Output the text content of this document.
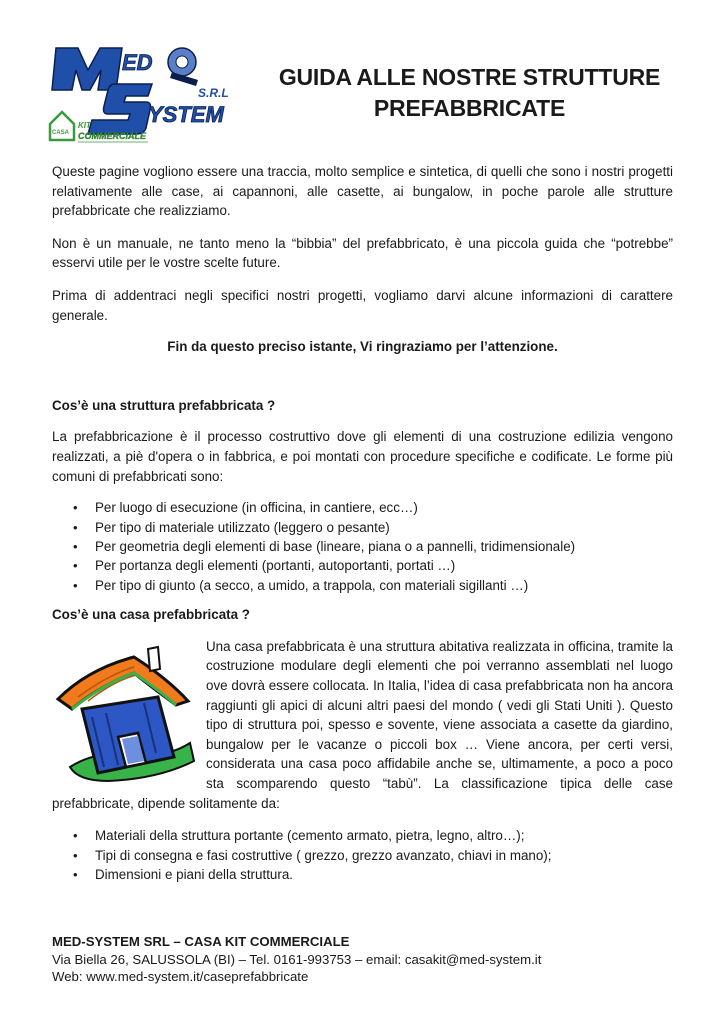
ED
YSTEM
S.R.L
CASA
KIT
COMMERCIALE
GUIDA ALLE NOSTRE STRUTTURE
PREFABBRICATE

Queste pagine vogliono essere una traccia, molto semplice e sintetica, di quelli che sono i nostri progetti relativamente alle case, ai capannoni, alle casette, ai bungalow, in poche parole alle strutture prefabbricate che realizziamo.

Non è un manuale, ne tanto meno la “bibbia” del prefabbricato, è una piccola guida che “potrebbe” esservi utile per le vostre scelte future.

Prima di addentraci negli specifici nostri progetti, vogliamo darvi alcune informazioni di carattere generale.

Fin da questo preciso istante, Vi ringraziamo per l’attenzione.

Cos’è una struttura prefabbricata ?

La prefabbricazione è il processo costruttivo dove gli elementi di una costruzione edilizia vengono realizzati, a piè d'opera o in fabbrica, e poi montati con procedure specifiche e codificate. Le forme più comuni di prefabbricati sono:

• Per luogo di esecuzione (in officina, in cantiere, ecc…)
• Per tipo di materiale utilizzato (leggero o pesante)
• Per geometria degli elementi di base (lineare, piana o a pannelli, tridimensionale)
• Per portanza degli elementi (portanti, autoportanti, portati …)
• Per tipo di giunto (a secco, a umido, a trappola, con materiali sigillanti …)
Cos’è una casa prefabbricata ?

Una casa prefabbricata è una struttura abitativa realizzata in officina, tramite la costruzione modulare degli elementi che poi verranno assemblati nel luogo ove dovrà essere collocata. In Italia, l’idea di casa prefabbricata non ha ancora raggiunti gli apici di alcuni altri paesi del mondo ( vedi gli Stati Uniti ). Questo tipo di struttura poi, spesso e sovente, viene associata a casette da giardino, bungalow per le vacanze o piccoli box … Viene ancora, per certi versi, considerata una casa poco affidabile anche se, ultimamente, a poco a poco sta scomparendo questo “tabù”. La classificazione tipica delle case prefabbricate, dipende solitamente da:

• Materiali della struttura portante (cemento armato, pietra, legno, altro…);
• Tipi di consegna e fasi costruttive ( grezzo, grezzo avanzato, chiavi in mano);
• Dimensioni e piani della struttura.
MED-SYSTEM SRL – CASA KIT COMMERCIALE
Via Biella 26, SALUSSOLA (BI) – Tel. 0161-993753 – email: casakit@med-system.it
Web: www.med-system.it/caseprefabbricate
